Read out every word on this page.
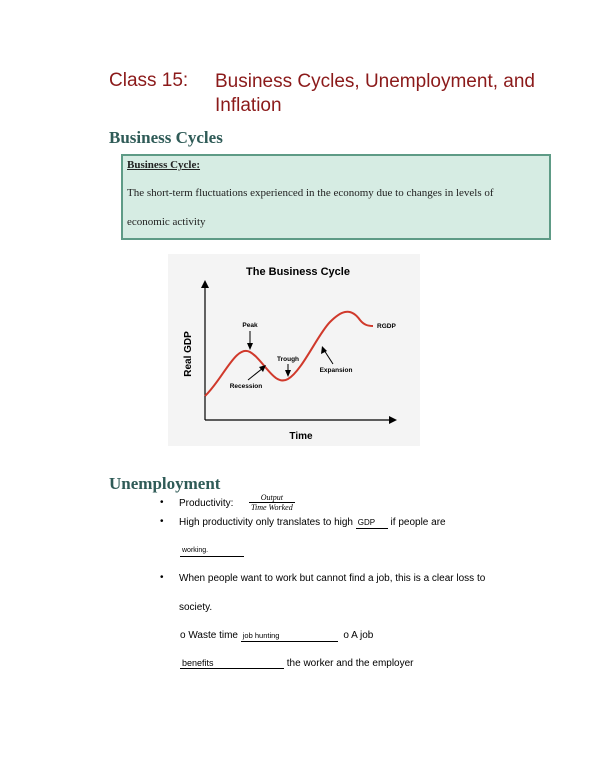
Class 15: Business Cycles, Unemployment, and Inflation
Business Cycles
Business Cycle:
The short-term fluctuations experienced in the economy due to changes in levels of
economic activity
The Business Cycle
Time
Real GDP
RGDP
Peak
Trough
Recession
Expansion
Unemployment
• Productivity:
Output
Time Worked
• High productivity only translates to high GDP if people are
working.
• When people want to work but cannot find a job, this is a clear loss to
society.
o Waste time job hunting	o A job
benefits	the worker and the employer
